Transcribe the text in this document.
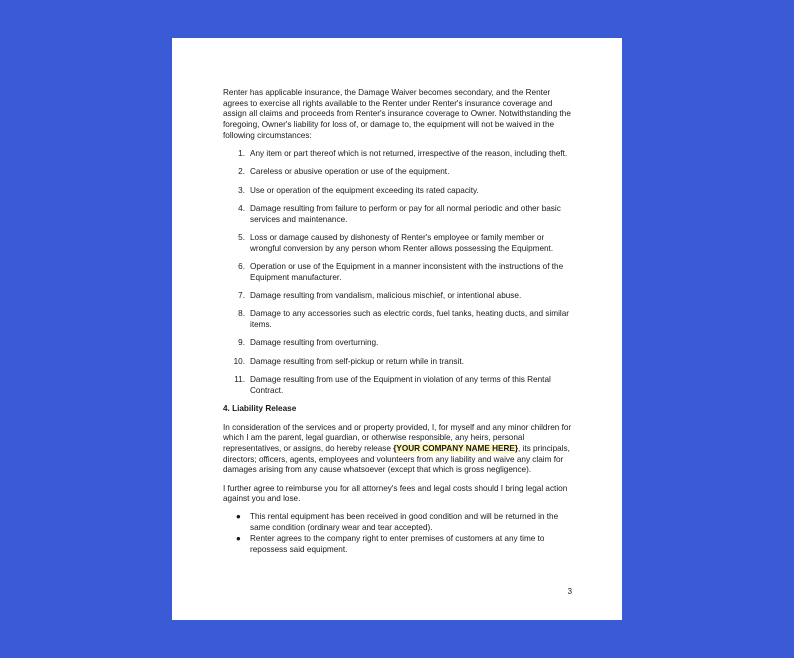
Renter has applicable insurance, the Damage Waiver becomes secondary, and the Renter agrees to exercise all rights available to the Renter under Renter's insurance coverage and assign all claims and proceeds from Renter's insurance coverage to Owner. Notwithstanding the foregoing, Owner's liability for loss of, or damage to, the equipment will not be waived in the following circumstances:

1. Any item or part thereof which is not returned, irrespective of the reason, including theft.
2. Careless or abusive operation or use of the equipment.
3. Use or operation of the equipment exceeding its rated capacity.
4. Damage resulting from failure to perform or pay for all normal periodic and other basic services and maintenance.
5. Loss or damage caused by dishonesty of Renter's employee or family member or wrongful conversion by any person whom Renter allows possessing the Equipment.
6. Operation or use of the Equipment in a manner inconsistent with the instructions of the Equipment manufacturer.
7. Damage resulting from vandalism, malicious mischief, or intentional abuse.
8. Damage to any accessories such as electric cords, fuel tanks, heating ducts, and similar items.
9. Damage resulting from overturning.
10. Damage resulting from self-pickup or return while in transit.
11. Damage resulting from use of the Equipment in violation of any terms of this Rental Contract.
4. Liability Release

In consideration of the services and or property provided, I, for myself and any minor children for which I am the parent, legal guardian, or otherwise responsible, any heirs, personal representatives, or assigns, do hereby release {YOUR COMPANY NAME HERE}, its principals, directors; officers, agents, employees and volunteers from any liability and waive any claim for damages arising from any cause whatsoever (except that which is gross negligence).

I further agree to reimburse you for all attorney's fees and legal costs should I bring legal action against you and lose.

● This rental equipment has been received in good condition and will be returned in the same condition (ordinary wear and tear accepted).
● Renter agrees to the company right to enter premises of customers at any time to repossess said equipment.
3
